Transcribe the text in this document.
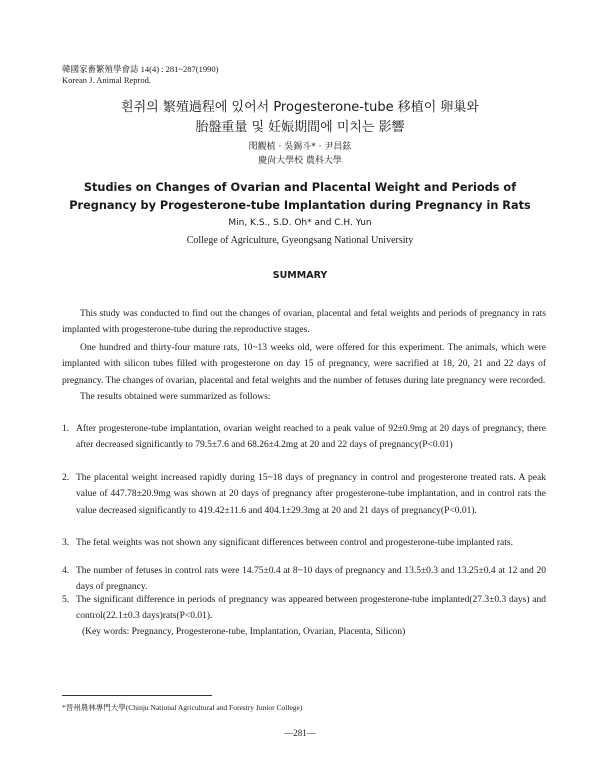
韓國家畜繁殖學會誌 14(4) : 281~287(1990)
Korean J. Animal Reprod.
흰쥐의 繁殖過程에 있어서 Progesterone-tube 移植이 卵巢와
胎盤重量 및 妊娠期間에 미치는 影響
閔觀植 · 吳錫斗* · 尹昌鉉
慶尙大學校 農科大學
Studies on Changes of Ovarian and Placental Weight and Periods of
Pregnancy by Progesterone-tube Implantation during Pregnancy in Rats
Min, K.S., S.D. Oh* and C.H. Yun
College of Agriculture, Gyeongsang National University
SUMMARY
This study was conducted to find out the changes of ovarian, placental and fetal weights and periods of pregnancy in rats implanted with progesterone-tube during the reproductive stages.
One hundred and thirty-four mature rats, 10~13 weeks old, were offered for this experiment. The animals, which were implanted with silicon tubes filled with progesterone on day 15 of pregnancy, were sacrified at 18, 20, 21 and 22 days of pregnancy. The changes of ovarian, placental and fetal weights and the number of fetuses during late pregnancy were recorded.
The results obtained were summarized as follows:
1. After progesterone-tube implantation, ovarian weight reached to a peak value of 92±0.9mg at 20 days of pregnancy, there after decreased significantly to 79.5±7.6 and 68.26±4.2mg at 20 and 22 days of pregnancy(P<0.01)
2. The placental weight increased rapidly during 15~18 days of pregnancy in control and progesterone treated rats. A peak value of 447.78±20.9mg was shown at 20 days of pregnancy after progesterone-tube implantation, and in control rats the value decreased significantly to 419.42±11.6 and 404.1±29.3mg at 20 and 21 days of pregnancy(P<0.01).
3. The fetal weights was not shown any significant differences between control and progesterone-tube implanted rats.
4. The number of fetuses in control rats were 14.75±0.4 at 8~10 days of pregnancy and 13.5±0.3 and 13.25±0.4 at 12 and 20 days of pregnancy.
5. The significant difference in periods of pregnancy was appeared between progesterone-tube implanted(27.3±0.3 days) and control(22.1±0.3 days)rats(P<0.01).
(Key words: Pregnancy, Progesterone-tube, Implantation, Ovarian, Placenta, Silicon)
*晋州農林專門大學(Chinju National Agricultural and Forestry Junior College)
—281—
